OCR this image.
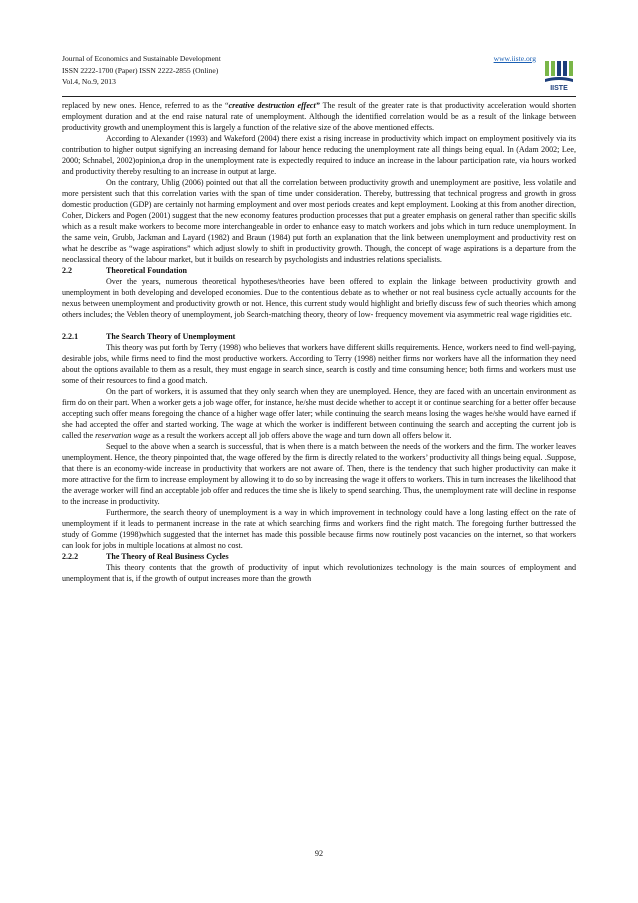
Journal of Economics and Sustainable Development
ISSN 2222-1700 (Paper) ISSN 2222-2855 (Online)
Vol.4, No.9, 2013
www.iiste.org
IISTE

replaced by new ones. Hence, referred to as the “creative destruction effect” The result of the greater rate is that productivity acceleration would shorten employment duration and at the end raise natural rate of unemployment. Although the identified correlation would be as a result of the linkage between productivity growth and unemployment this is largely a function of the relative size of the above mentioned effects.

According to Alexander (1993) and Wakeford (2004) there exist a rising increase in productivity which impact on employment positively via its contribution to higher output signifying an increasing demand for labour hence reducing the unemployment rate all things being equal. In (Adam 2002; Lee, 2000; Schnabel, 2002)opinion,a drop in the unemployment rate is expectedly required to induce an increase in the labour participation rate, via hours worked and productivity thereby resulting to an increase in output at large.

On the contrary, Uhlig (2006) pointed out that all the correlation between productivity growth and unemployment are positive, less volatile and more persistent such that this correlation varies with the span of time under consideration. Thereby, buttressing that technical progress and growth in gross domestic production (GDP) are certainly not harming employment and over most periods creates and kept employment. Looking at this from another direction, Coher, Dickers and Pogen (2001) suggest that the new economy features production processes that put a greater emphasis on general rather than specific skills which as a result make workers to become more interchangeable in order to enhance easy to match workers and jobs which in turn reduce unemployment. In the same vein, Grubb, Jackman and Layard (1982) and Braun (1984) put forth an explanation that the link between unemployment and productivity rest on what he describe as “wage aspirations” which adjust slowly to shift in productivity growth. Though, the concept of wage aspirations is a departure from the neoclassical theory of the labour market, but it builds on research by psychologists and industries relations specialists.

2.2	Theoretical Foundation

Over the years, numerous theoretical hypotheses/theories have been offered to explain the linkage between productivity growth and unemployment in both developing and developed economies. Due to the contentious debate as to whether or not real business cycle actually accounts for the nexus between unemployment and productivity growth or not. Hence, this current study would highlight and briefly discuss few of such theories which among others includes; the Veblen theory of unemployment, job Search-matching theory, theory of low- frequency movement via asymmetric real wage rigidities etc.

2.2.1	The Search Theory of Unemployment

This theory was put forth by Terry (1998) who believes that workers have different skills requirements. Hence, workers need to find well-paying, desirable jobs, while firms need to find the most productive workers. According to Terry (1998) neither firms nor workers have all the information they need about the options available to them as a result, they must engage in search since, search is costly and time consuming hence; both firms and workers must use some of their resources to find a good match.

On the part of workers, it is assumed that they only search when they are unemployed. Hence, they are faced with an uncertain environment as firm do on their part. When a worker gets a job wage offer, for instance, he/she must decide whether to accept it or continue searching for a better offer because accepting such offer means foregoing the chance of a higher wage offer later; while continuing the search means losing the wages he/she would have earned if she had accepted the offer and started working. The wage at which the worker is indifferent between continuing the search and accepting the current job is called the reservation wage as a result the workers accept all job offers above the wage and turn down all offers below it.

Sequel to the above when a search is successful, that is when there is a match between the needs of the workers and the firm. The worker leaves unemployment. Hence, the theory pinpointed that, the wage offered by the firm is directly related to the workers’ productivity all things being equal. .Suppose, that there is an economy-wide increase in productivity that workers are not aware of. Then, there is the tendency that such higher productivity can make it more attractive for the firm to increase employment by allowing it to do so by increasing the wage it offers to workers. This in turn increases the likelihood that the average worker will find an acceptable job offer and reduces the time she is likely to spend searching. Thus, the unemployment rate will decline in response to the increase in productivity.

Furthermore, the search theory of unemployment is a way in which improvement in technology could have a long lasting effect on the rate of unemployment if it leads to permanent increase in the rate at which searching firms and workers find the right match. The foregoing further buttressed the study of Gomme (1998)which suggested that the internet has made this possible because firms now routinely post vacancies on the internet, so that workers can look for jobs in multiple locations at almost no cost.

2.2.2	The Theory of Real Business Cycles

This theory contents that the growth of productivity of input which revolutionizes technology is the main sources of employment and unemployment that is, if the growth of output increases more than the growth

92
